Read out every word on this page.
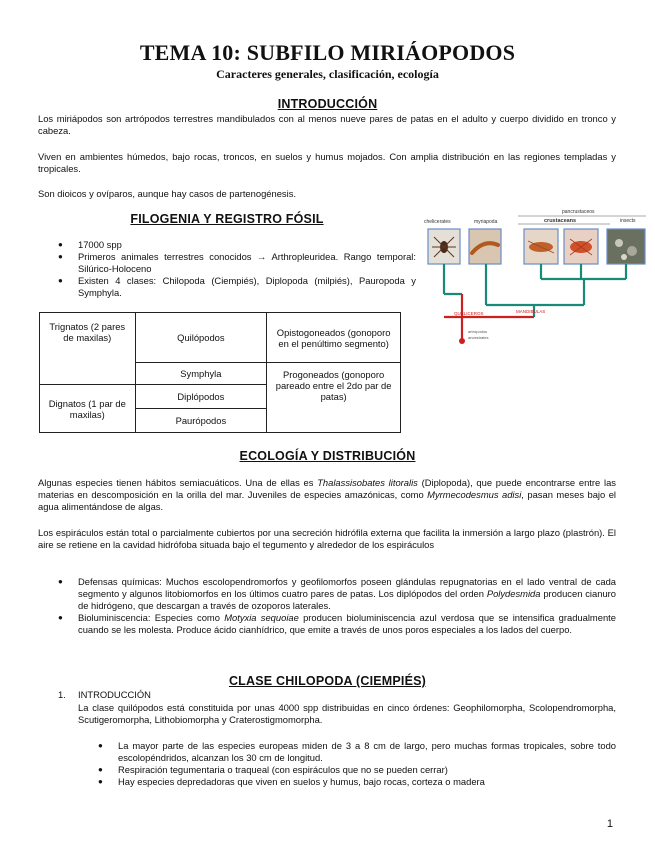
TEMA 10: SUBFILO MIRIÁOPODOS
Caracteres generales, clasificación, ecología
INTRODUCCIÓN
Los miriápodos son artrópodos terrestres mandibulados con al menos nueve pares de patas en el adulto y cuerpo dividido en tronco y cabeza.
Viven en ambientes húmedos, bajo rocas, troncos, en suelos y humus mojados. Con amplia distribución en las regiones templadas y tropicales.
Son dioicos y ovíparos, aunque hay casos de partenogénesis.
FILOGENIA Y REGISTRO FÓSIL
● 17000 spp
● Primeros animales terrestres conocidos → Arthropleuridea. Rango temporal: Silúrico-Holoceno
● Existen 4 clases: Chilopoda (Ciempiés), Diplopoda (milpiés), Pauropoda y Symphyla.
pancrustaceos
chelicerates	myriapoda	crustaceans	insects
QUELICEROS	MANDIBULAS
artrópodos
ancestrales
Trignatos (2 pares de maxilas)	Quilópodos	Opistogoneados (gonoporo en el penúltimo segmento)
	Symphyla	Progoneados (gonoporo pareado entre el 2do par de patas)
Dignatos (1 par de maxilas)	Diplópodos	
	Paurópodos	
ECOLOGÍA Y DISTRIBUCIÓN
Algunas especies tienen hábitos semiacuáticos. Una de ellas es Thalassisobates litoralis (Diplopoda), que puede encontrarse entre las materias en descomposición en la orilla del mar. Juveniles de especies amazónicas, como Myrmecodesmus adisi, pasan meses bajo el agua alimentándose de algas.
Los espiráculos están total o parcialmente cubiertos por una secreción hidrófila externa que facilita la inmersión a largo plazo (plastrón). El aire se retiene en la cavidad hidrófoba situada bajo el tegumento y alrededor de los espiráculos
● Defensas químicas: Muchos escolopendromorfos y geofilomorfos poseen glándulas repugnatorias en el lado ventral de cada segmento y algunos litobiomorfos en los últimos cuatro pares de patas. Los diplópodos del orden Polydesmida producen cianuro de hidrógeno, que descargan a través de ozoporos laterales.
● Bioluminiscencia: Especies como Motyxia sequoiae producen bioluminiscencia azul verdosa que se intensifica gradualmente cuando se les molesta. Produce ácido cianhídrico, que emite a través de unos poros especiales a los lados del cuerpo.
CLASE CHILOPODA (CIEMPIÉS)
1. INTRODUCCIÓN
La clase quilópodos está constituida por unas 4000 spp distribuidas en cinco órdenes: Geophilomorpha, Scolopendromorpha, Scutigeromorpha, Lithobiomorpha y Craterostigmomorpha.
● La mayor parte de las especies europeas miden de 3 a 8 cm de largo, pero muchas formas tropicales, sobre todo escolopéndridos, alcanzan los 30 cm de longitud.
● Respiración tegumentaria o traqueal (con espiráculos que no se pueden cerrar)
● Hay especies depredadoras que viven en suelos y humus, bajo rocas, corteza o madera
1
